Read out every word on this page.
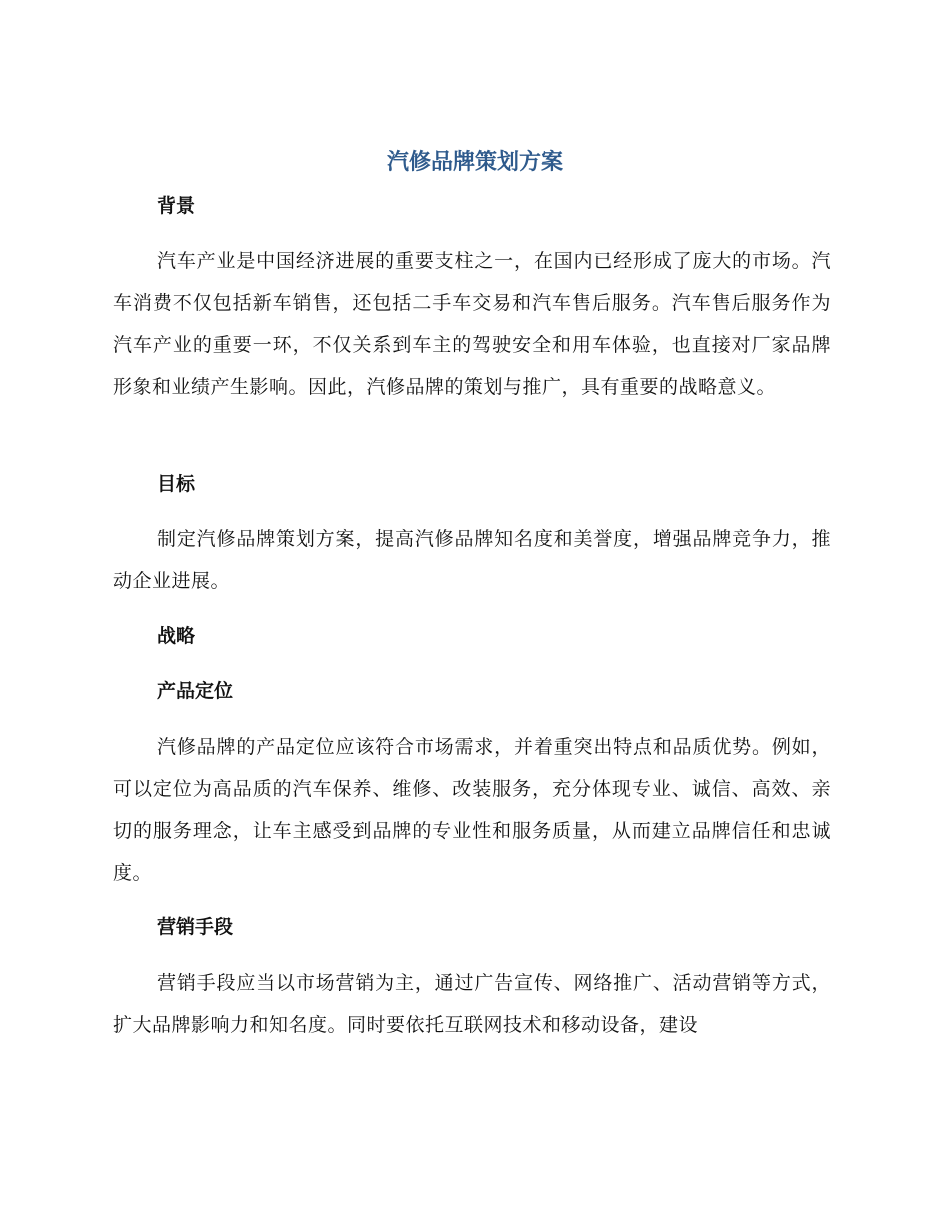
汽修品牌策划方案
背景

汽车产业是中国经济进展的重要支柱之一，在国内已经形成了庞大的市场。汽车消费不仅包括新车销售，还包括二手车交易和汽车售后服务。汽车售后服务作为汽车产业的重要一环，不仅关系到车主的驾驶安全和用车体验，也直接对厂家品牌形象和业绩产生影响。因此，汽修品牌的策划与推广，具有重要的战略意义。

目标

制定汽修品牌策划方案，提高汽修品牌知名度和美誉度，增强品牌竞争力，推动企业进展。

战略
产品定位

汽修品牌的产品定位应该符合市场需求，并着重突出特点和品质优势。例如，可以定位为高品质的汽车保养、维修、改装服务，充分体现专业、诚信、高效、亲切的服务理念，让车主感受到品牌的专业性和服务质量，从而建立品牌信任和忠诚度。

营销手段

营销手段应当以市场营销为主，通过广告宣传、网络推广、活动营销等方式，扩大品牌影响力和知名度。同时要依托互联网技术和移动设备，建设
